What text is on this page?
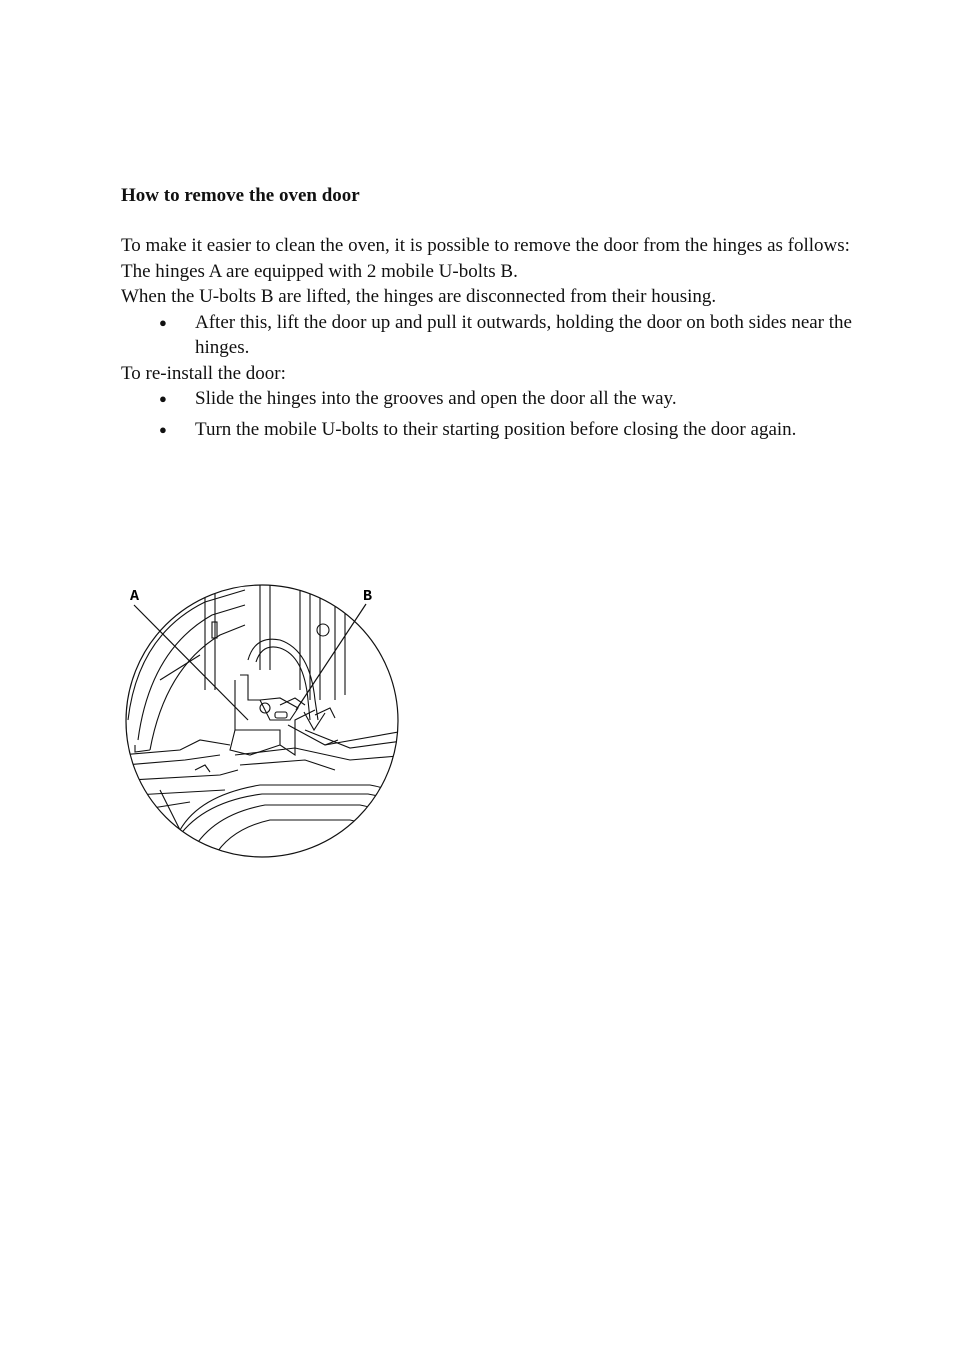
How to remove the oven door

To make it easier to clean the oven, it is possible to remove the door from the hinges as follows:

The hinges A are equipped with 2 mobile U-bolts B.

When the U-bolts B are lifted, the hinges are disconnected from their housing.

● After this, lift the door up and pull it outwards, holding the door on both sides near the hinges.

To re-install the door:

● Slide the hinges into the grooves and open the door all the way.
● Turn the mobile U-bolts to their starting position before closing the door again.
A	B
